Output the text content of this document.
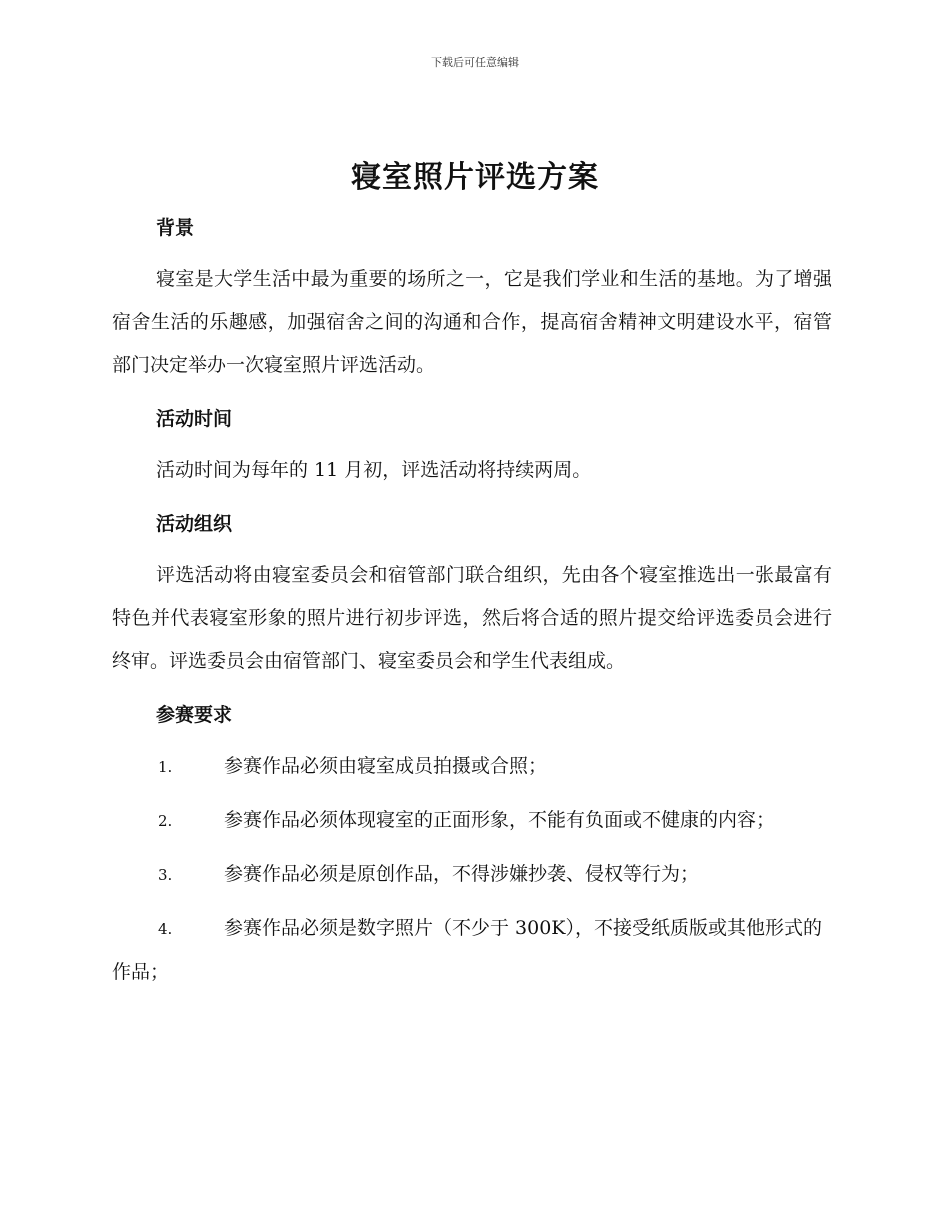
下载后可任意编辑
寝室照片评选方案
背景

寝室是大学生活中最为重要的场所之一，它是我们学业和生活的基地。为了增强宿舍生活的乐趣感，加强宿舍之间的沟通和合作，提高宿舍精神文明建设水平，宿管部门决定举办一次寝室照片评选活动。

活动时间

活动时间为每年的 11 月初，评选活动将持续两周。

活动组织

评选活动将由寝室委员会和宿管部门联合组织，先由各个寝室推选出一张最富有特色并代表寝室形象的照片进行初步评选，然后将合适的照片提交给评选委员会进行终审。评选委员会由宿管部门、寝室委员会和学生代表组成。

参赛要求

1.	参赛作品必须由寝室成员拍摄或合照；

2.	参赛作品必须体现寝室的正面形象，不能有负面或不健康的内容；

3.	参赛作品必须是原创作品，不得涉嫌抄袭、侵权等行为；

4.	参赛作品必须是数字照片（不少于 300K），不接受纸质版或其他形式的作品；
